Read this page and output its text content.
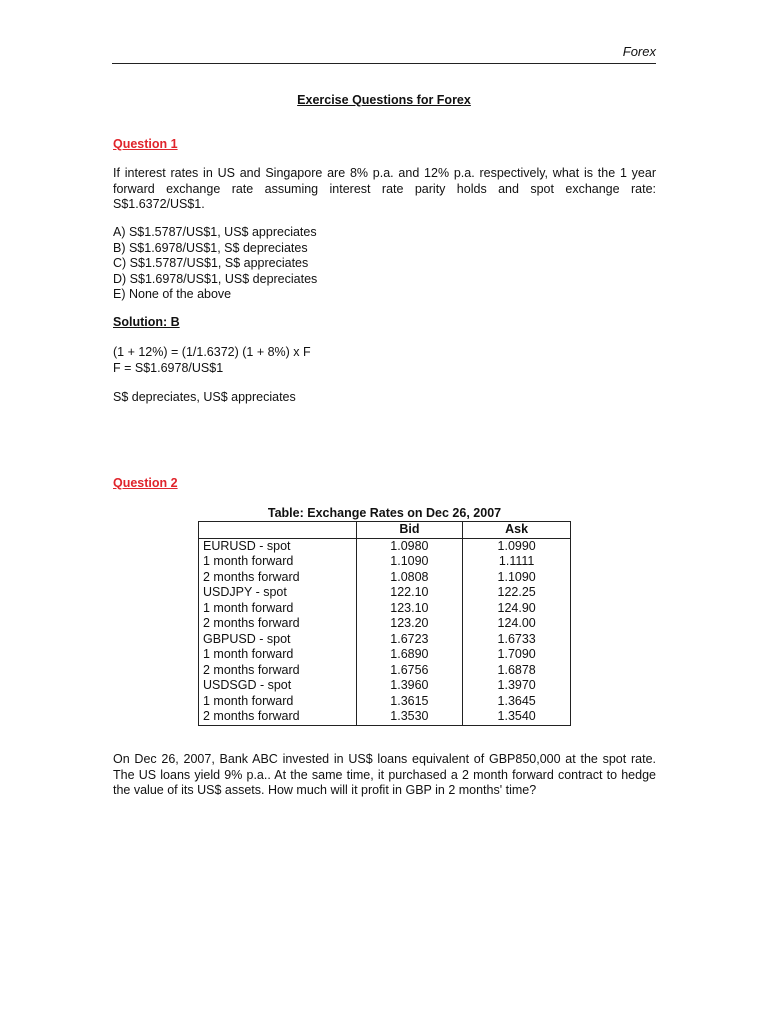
Forex
Exercise Questions for Forex
Question 1
If interest rates in US and Singapore are 8% p.a. and 12% p.a. respectively, what is the 1 year forward exchange rate assuming interest rate parity holds and spot exchange rate: S$1.6372/US$1.
A) S$1.5787/US$1, US$ appreciates
B) S$1.6978/US$1, S$ depreciates
C) S$1.5787/US$1, S$ appreciates
D) S$1.6978/US$1, US$ depreciates
E) None of the above
Solution: B
(1 + 12%) = (1/1.6372) (1 + 8%) x F
F = S$1.6978/US$1
S$ depreciates, US$ appreciates
Question 2
Table: Exchange Rates on Dec 26, 2007
	Bid	Ask
EURUSD - spot	1.0980	1.0990
1 month forward	1.1090	1.1111
2 months forward	1.0808	1.1090
USDJPY - spot	122.10	122.25
1 month forward	123.10	124.90
2 months forward	123.20	124.00
GBPUSD - spot	1.6723	1.6733
1 month forward	1.6890	1.7090
2 months forward	1.6756	1.6878
USDSGD - spot	1.3960	1.3970
1 month forward	1.3615	1.3645
2 months forward	1.3530	1.3540
On Dec 26, 2007, Bank ABC invested in US$ loans equivalent of GBP850,000 at the spot rate. The US loans yield 9% p.a.. At the same time, it purchased a 2 month forward contract to hedge the value of its US$ assets. How much will it profit in GBP in 2 months' time?
